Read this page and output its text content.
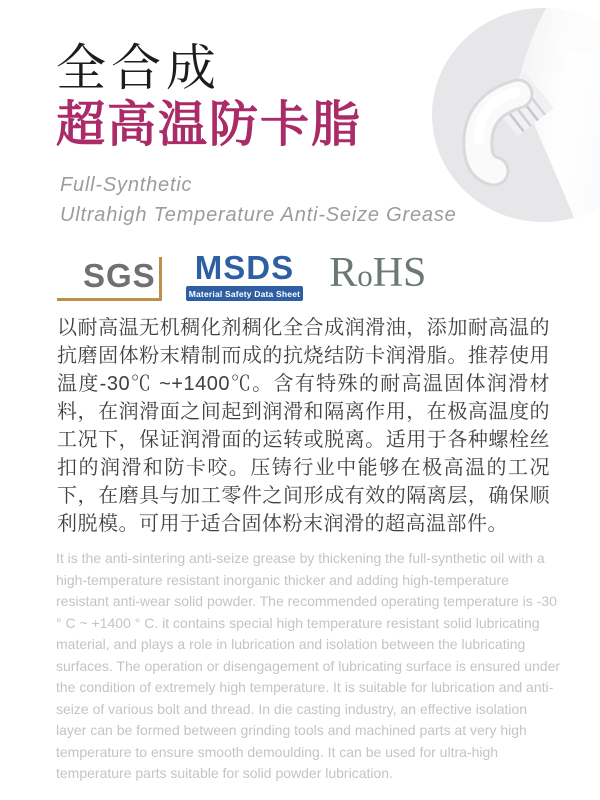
全合成
超高温防卡脂
Full-Synthetic
Ultrahigh Temperature Anti-Seize Grease
SGS MSDS
Material Safety Data Sheet RoHS
以耐高温无机稠化剂稠化全合成润滑油，添加耐高温的抗磨固体粉末精制而成的抗烧结防卡润滑脂。推荐使用温度-30℃ ~+1400℃。含有特殊的耐高温固体润滑材料，在润滑面之间起到润滑和隔离作用，在极高温度的工况下，保证润滑面的运转或脱离。适用于各种螺栓丝扣的润滑和防卡咬。压铸行业中能够在极高温的工况下，在磨具与加工零件之间形成有效的隔离层，确保顺利脱模。可用于适合固体粉末润滑的超高温部件。
It is the anti-sintering anti-seize grease by thickening the full-synthetic oil with a high-temperature resistant inorganic thicker and adding high-temperature resistant anti-wear solid powder. The recommended operating temperature is -30 ° C ~ +1400 ° C. it contains special high temperature resistant solid lubricating material, and plays a role in lubrication and isolation between the lubricating surfaces. The operation or disengagement of lubricating surface is ensured under the condition of extremely high temperature. It is suitable for lubrication and anti-seize of various bolt and thread. In die casting industry, an effective isolation layer can be formed between grinding tools and machined parts at very high temperature to ensure smooth demoulding. It can be used for ultra-high temperature parts suitable for solid powder lubrication.
